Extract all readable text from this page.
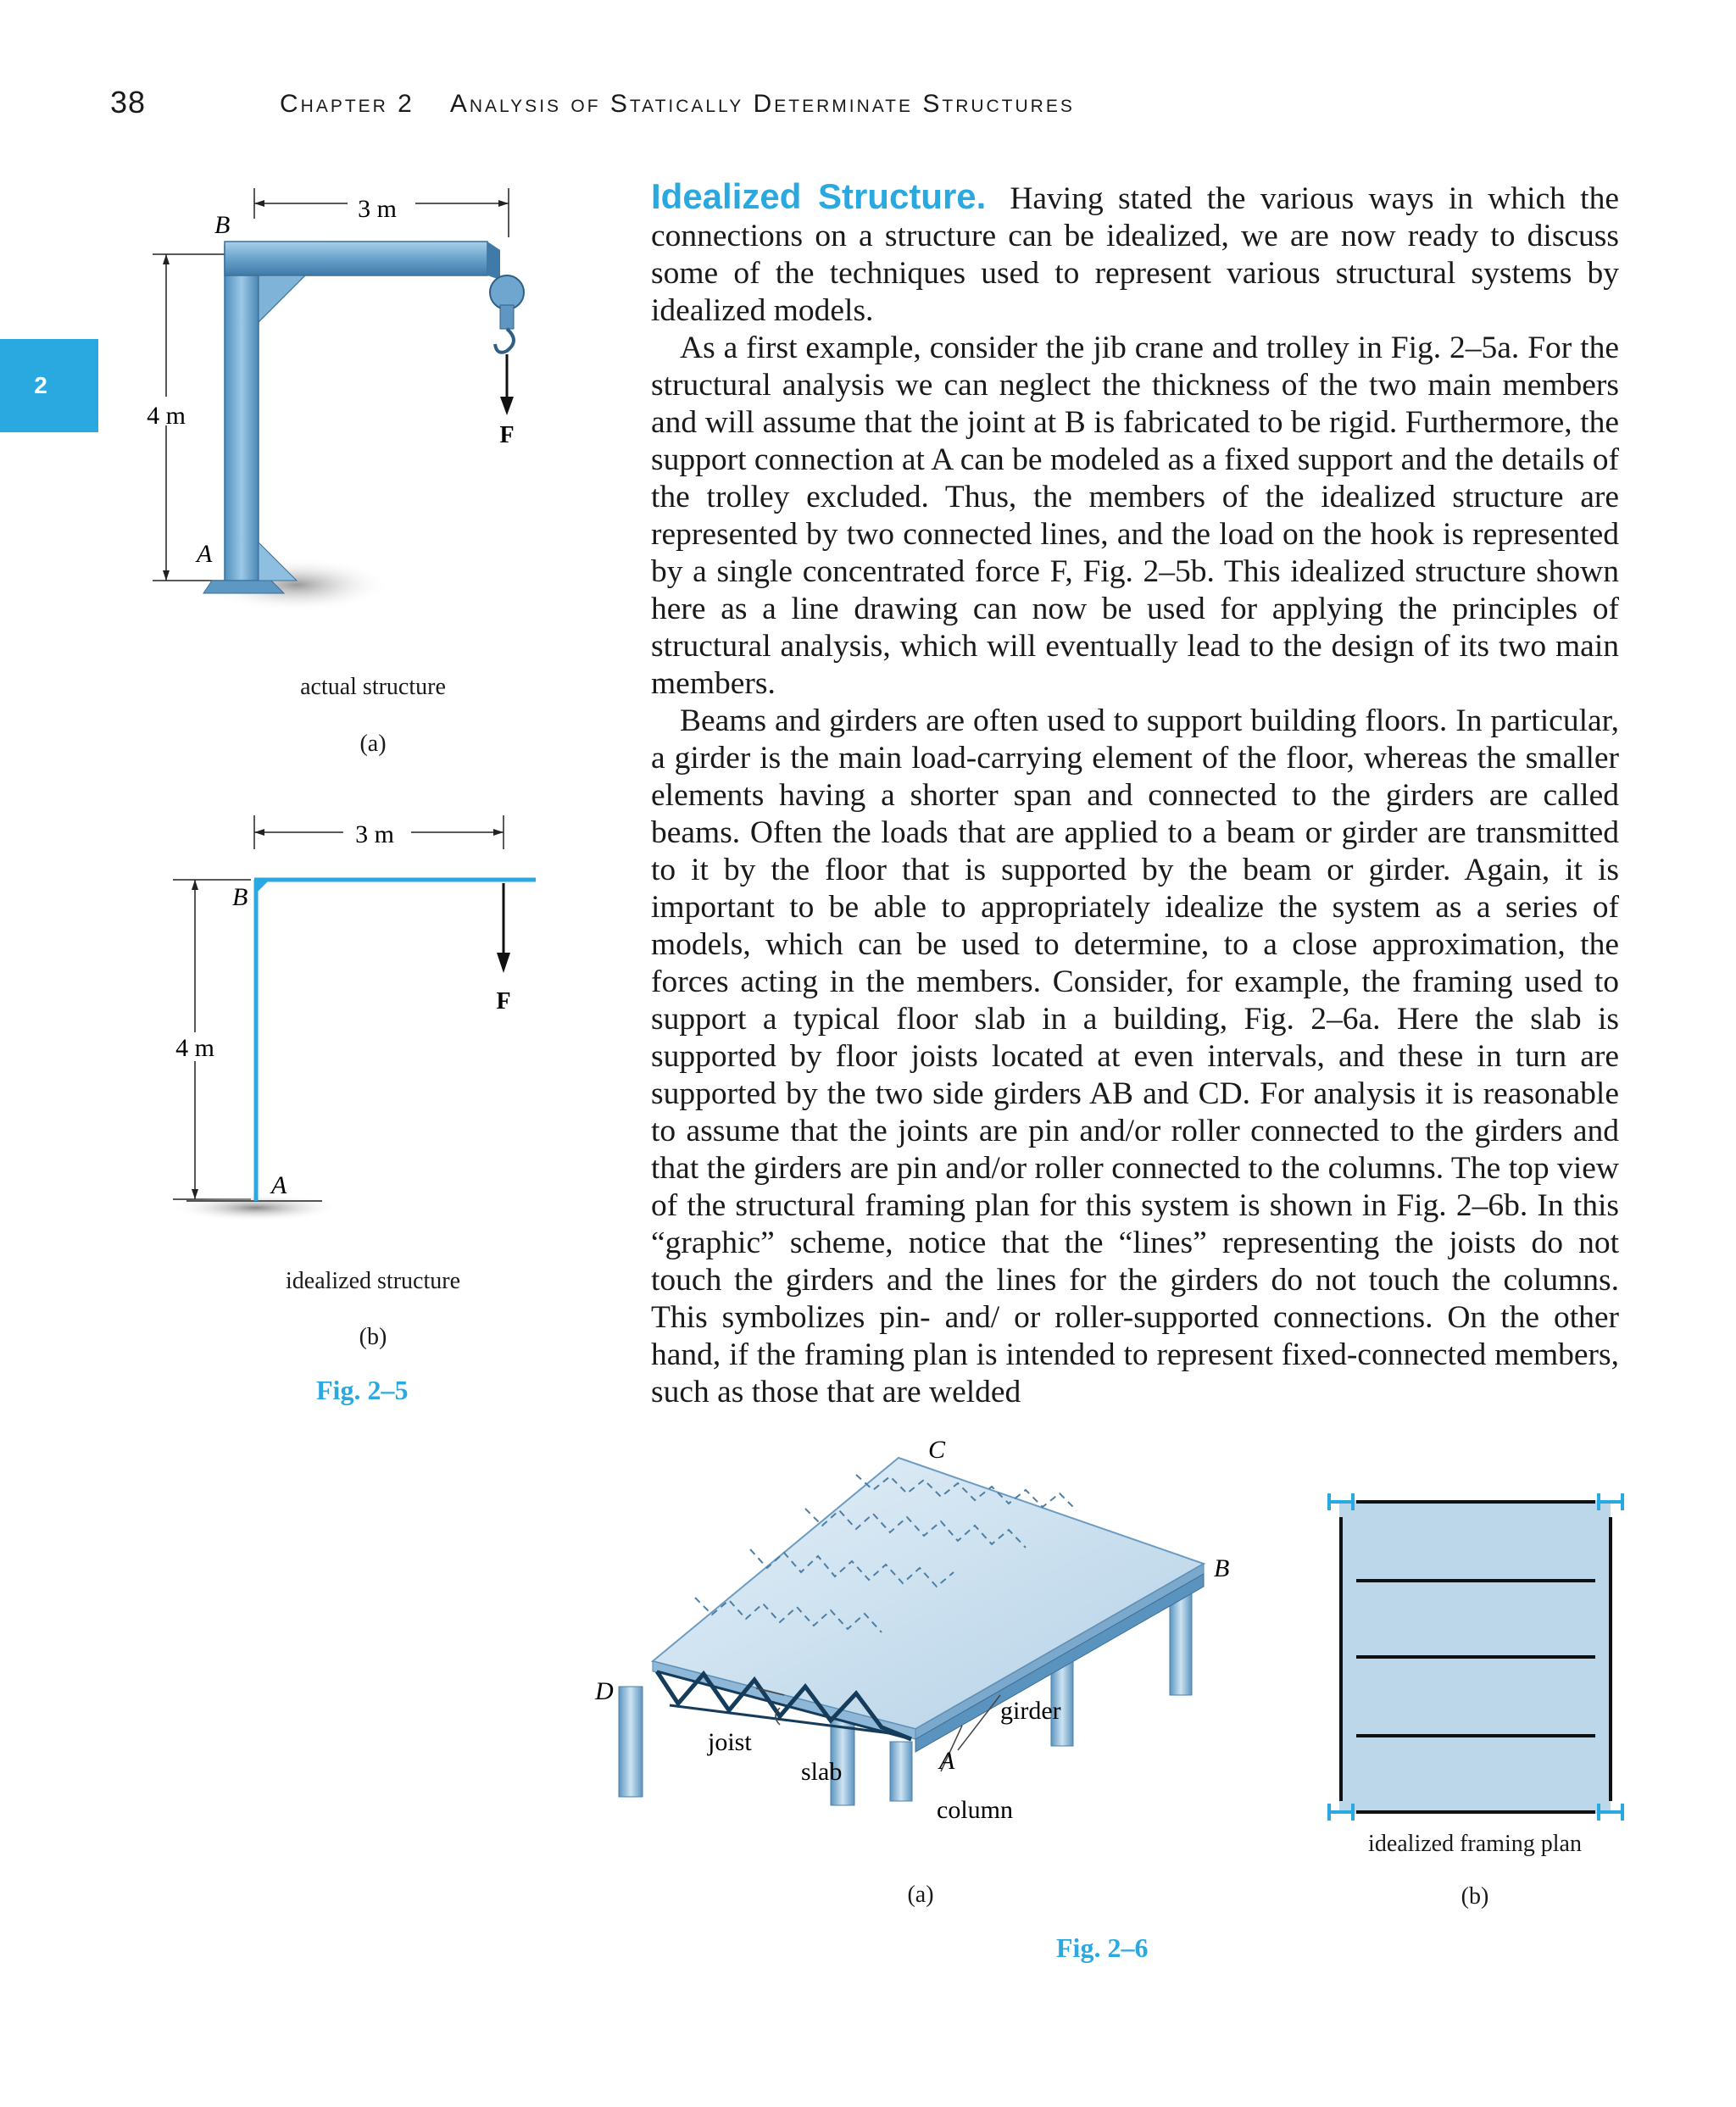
38	Chapter 2 Analysis of Statically Determinate Structures
2

Idealized Structure. Having stated the various ways in which the connections on a structure can be idealized, we are now ready to discuss some of the techniques used to represent various structural systems by idealized models.

As a first example, consider the jib crane and trolley in Fig. 2–5a. For the structural analysis we can neglect the thickness of the two main members and will assume that the joint at B is fabricated to be rigid. Furthermore, the support connection at A can be modeled as a fixed support and the details of the trolley excluded. Thus, the members of the idealized structure are represented by two connected lines, and the load on the hook is represented by a single concentrated force F, Fig. 2–5b. This idealized structure shown here as a line drawing can now be used for applying the principles of structural analysis, which will eventually lead to the design of its two main members.

Beams and girders are often used to support building floors. In particular, a girder is the main load-carrying element of the floor, whereas the smaller elements having a shorter span and connected to the girders are called beams. Often the loads that are applied to a beam or girder are transmitted to it by the floor that is supported by the beam or girder. Again, it is important to be able to appropriately idealize the system as a series of models, which can be used to determine, to a close approximation, the forces acting in the members. Consider, for example, the framing used to support a typical floor slab in a building, Fig. 2–6a. Here the slab is supported by floor joists located at even intervals, and these in turn are supported by the two side girders AB and CD. For analysis it is reasonable to assume that the joints are pin and/or roller connected to the girders and that the girders are pin and/or roller connected to the columns. The top view of the structural framing plan for this system is shown in Fig. 2–6b. In this “graphic” scheme, notice that the “lines” representing the joists do not touch the girders and the lines for the girders do not touch the columns. This symbolizes pin- and/ or roller-supported connections. On the other hand, if the framing plan is intended to represent fixed-connected members, such as those that are welded

3 m
4 m
B
A
F
actual structure
(a)
3 m
4 m
B
A
F
idealized structure
(b)
Fig. 2–5
C
B
D
A
girder
joist
slab
column
(a)
idealized framing plan
(b)
Fig. 2–6
